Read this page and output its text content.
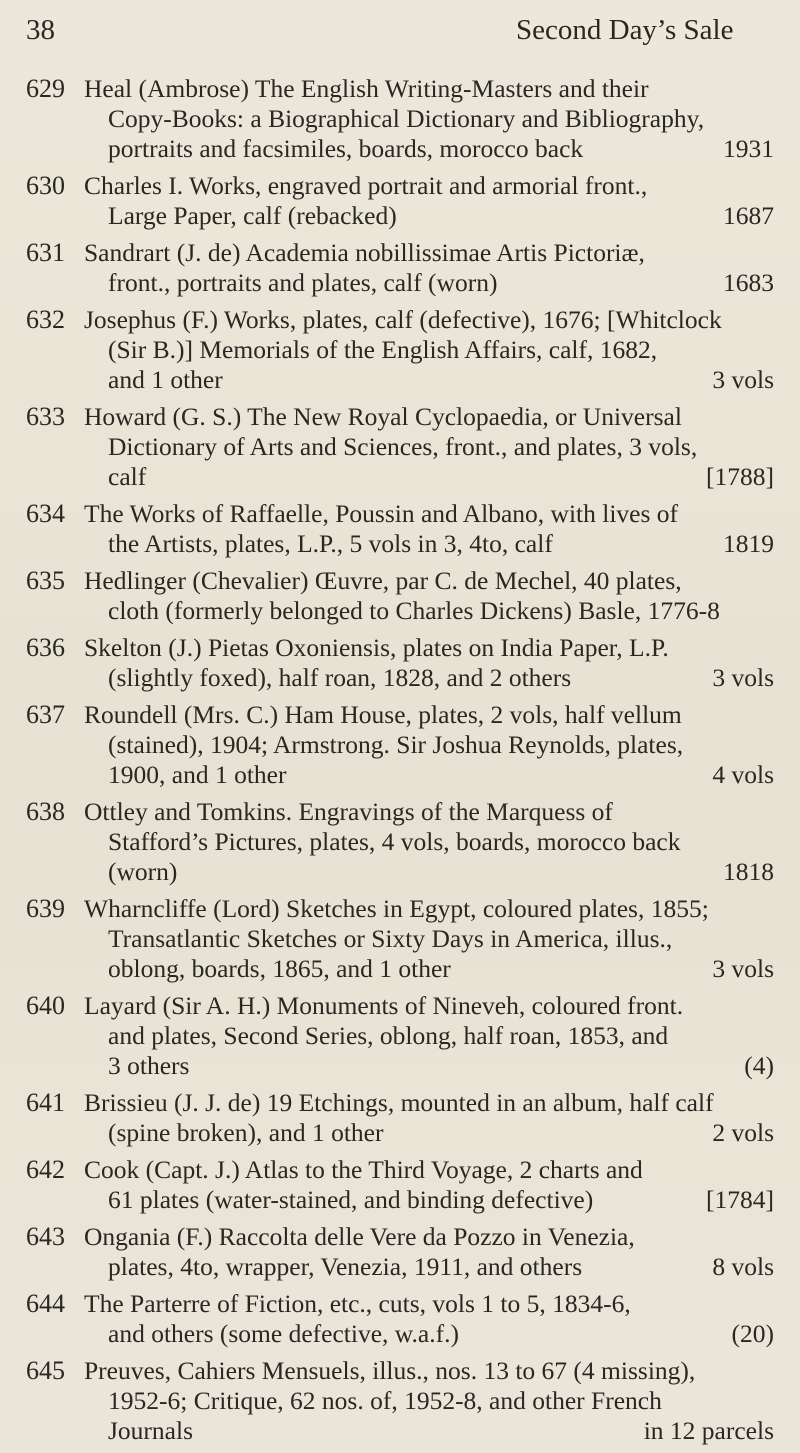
38	Second Day’s Sale
629 Heal (Ambrose) The English Writing-Masters and their
Copy-Books: a Biographical Dictionary and Bibliography,
portraits and facsimiles, boards, morocco back	1931
630 Charles I. Works, engraved portrait and armorial front.,
Large Paper, calf (rebacked)	1687
631 Sandrart (J. de) Academia nobillissimae Artis Pictoriæ,
front., portraits and plates, calf (worn)	1683
632 Josephus (F.) Works, plates, calf (defective), 1676; [Whitclock
(Sir B.)] Memorials of the English Affairs, calf, 1682,
and 1 other	3 vols
633 Howard (G. S.) The New Royal Cyclopaedia, or Universal
Dictionary of Arts and Sciences, front., and plates, 3 vols,
calf	[1788]
634 The Works of Raffaelle, Poussin and Albano, with lives of
the Artists, plates, L.P., 5 vols in 3, 4to, calf	1819
635 Hedlinger (Chevalier) Œuvre, par C. de Mechel, 40 plates,
cloth (formerly belonged to Charles Dickens) Basle, 1776-8
636 Skelton (J.) Pietas Oxoniensis, plates on India Paper, L.P.
(slightly foxed), half roan, 1828, and 2 others	3 vols
637 Roundell (Mrs. C.) Ham House, plates, 2 vols, half vellum
(stained), 1904; Armstrong. Sir Joshua Reynolds, plates,
1900, and 1 other	4 vols
638 Ottley and Tomkins. Engravings of the Marquess of
Stafford’s Pictures, plates, 4 vols, boards, morocco back
(worn)	1818
639 Wharncliffe (Lord) Sketches in Egypt, coloured plates, 1855;
Transatlantic Sketches or Sixty Days in America, illus.,
oblong, boards, 1865, and 1 other	3 vols
640 Layard (Sir A. H.) Monuments of Nineveh, coloured front.
and plates, Second Series, oblong, half roan, 1853, and
3 others	(4)
641 Brissieu (J. J. de) 19 Etchings, mounted in an album, half calf
(spine broken), and 1 other	2 vols
642 Cook (Capt. J.) Atlas to the Third Voyage, 2 charts and
61 plates (water-stained, and binding defective)	[1784]
643 Ongania (F.) Raccolta delle Vere da Pozzo in Venezia,
plates, 4to, wrapper, Venezia, 1911, and others	8 vols
644 The Parterre of Fiction, etc., cuts, vols 1 to 5, 1834-6,
and others (some defective, w.a.f.)	(20)
645 Preuves, Cahiers Mensuels, illus., nos. 13 to 67 (4 missing),
1952-6; Critique, 62 nos. of, 1952-8, and other French
Journals	in 12 parcels
